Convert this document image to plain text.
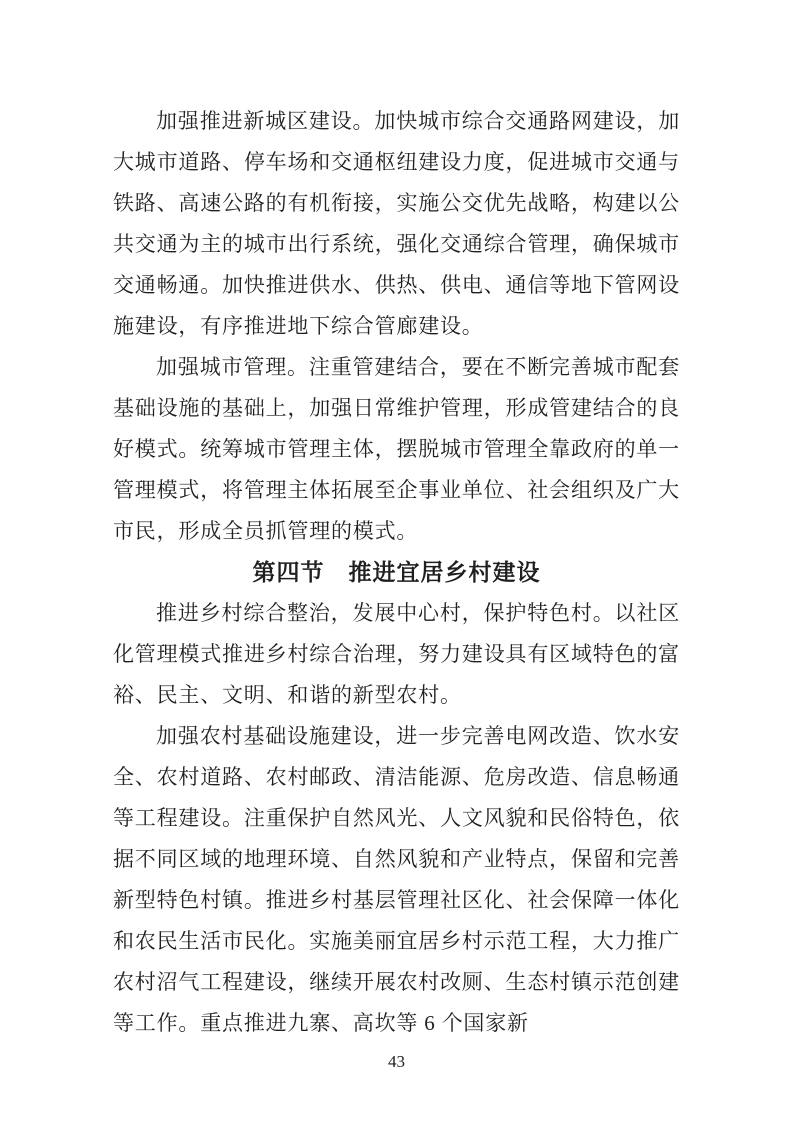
加强推进新城区建设。加快城市综合交通路网建设，加大城市道路、停车场和交通枢纽建设力度，促进城市交通与铁路、高速公路的有机衔接，实施公交优先战略，构建以公共交通为主的城市出行系统，强化交通综合管理，确保城市交通畅通。加快推进供水、供热、供电、通信等地下管网设施建设，有序推进地下综合管廊建设。

加强城市管理。注重管建结合，要在不断完善城市配套基础设施的基础上，加强日常维护管理，形成管建结合的良好模式。统筹城市管理主体，摆脱城市管理全靠政府的单一管理模式，将管理主体拓展至企事业单位、社会组织及广大市民，形成全员抓管理的模式。

第四节　推进宜居乡村建设

推进乡村综合整治，发展中心村，保护特色村。以社区化管理模式推进乡村综合治理，努力建设具有区域特色的富裕、民主、文明、和谐的新型农村。

加强农村基础设施建设，进一步完善电网改造、饮水安全、农村道路、农村邮政、清洁能源、危房改造、信息畅通等工程建设。注重保护自然风光、人文风貌和民俗特色，依据不同区域的地理环境、自然风貌和产业特点，保留和完善新型特色村镇。推进乡村基层管理社区化、社会保障一体化和农民生活市民化。实施美丽宜居乡村示范工程，大力推广农村沼气工程建设，继续开展农村改厕、生态村镇示范创建等工作。重点推进九寨、高坎等 6 个国家新

43
